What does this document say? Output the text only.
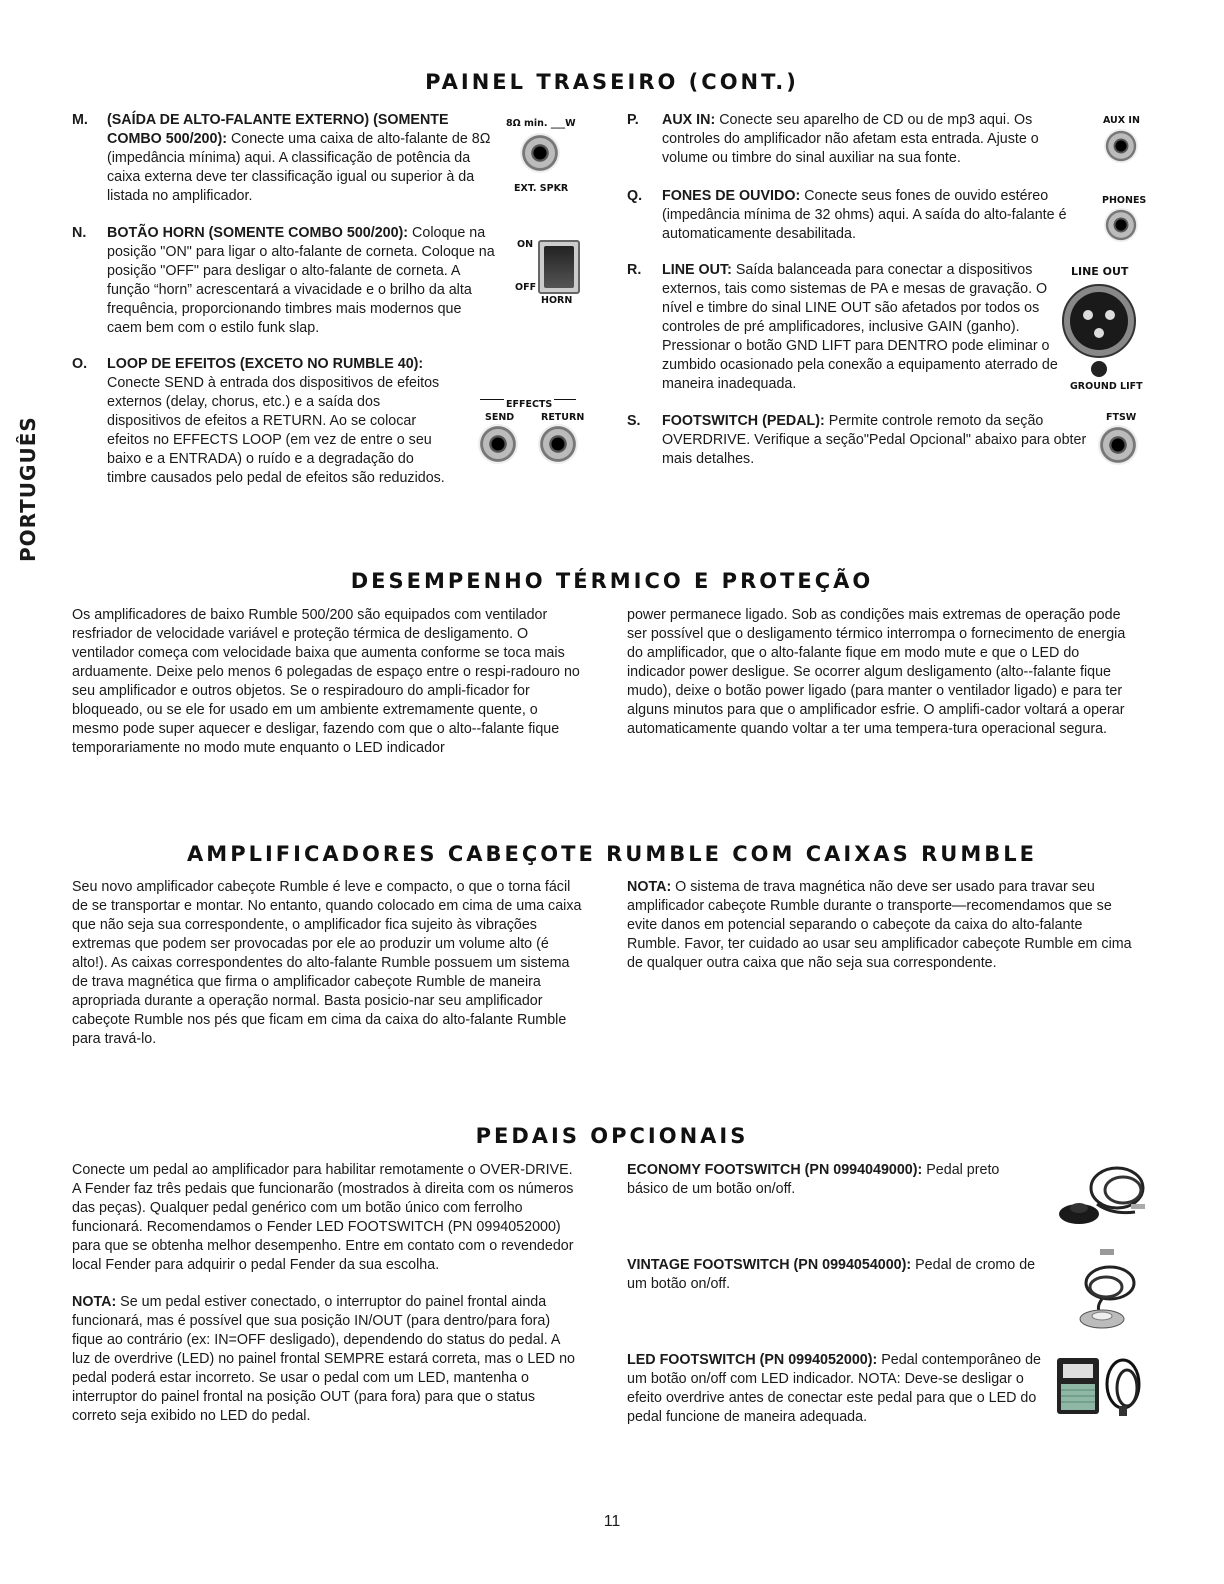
PORTUGUÊS
PAINEL TRASEIRO (CONT.)
M. (SAÍDA DE ALTO-FALANTE EXTERNO) (SOMENTE COMBO 500/200): Conecte uma caixa de alto-falante de 8Ω (impedância mínima) aqui. A classificação de potência da caixa externa deve ter classificação igual ou superior à da listada no amplificador.
8Ω min. ___W
EXT. SPKR
N. BOTÃO HORN (SOMENTE COMBO 500/200): Coloque na posição "ON" para ligar o alto-falante de corneta. Coloque na posição "OFF" para desligar o alto-falante de corneta. A função “horn” acrescentará a vivacidade e o brilho da alta frequência, proporcionando timbres mais modernos que caem bem com o estilo funk slap.
ON
OFF
HORN
O. LOOP DE EFEITOS (EXCETO NO RUMBLE 40): Conecte SEND à entrada dos dispositivos de efeitos externos (delay, chorus, etc.) e a saída dos dispositivos de efeitos a RETURN. Ao se colocar efeitos no EFFECTS LOOP (em vez de entre o seu baixo e a ENTRADA) o ruído e a degradação do timbre causados pelo pedal de efeitos são reduzidos.
EFFECTS
SEND	RETURN
P. AUX IN: Conecte seu aparelho de CD ou de mp3 aqui. Os controles do amplificador não afetam esta entrada. Ajuste o volume ou timbre do sinal auxiliar na sua fonte.
AUX IN
Q. FONES DE OUVIDO: Conecte seus fones de ouvido estéreo (impedância mínima de 32 ohms) aqui. A saída do alto-falante é automaticamente desabilitada.
PHONES
R. LINE OUT: Saída balanceada para conectar a dispositivos externos, tais como sistemas de PA e mesas de gravação. O nível e timbre do sinal LINE OUT são afetados por todos os controles de pré amplificadores, inclusive GAIN (ganho). Pressionar o botão GND LIFT para DENTRO pode eliminar o zumbido ocasionado pela conexão a equipamento aterrado de maneira inadequada.
LINE OUT
GROUND LIFT
S. FOOTSWITCH (PEDAL): Permite controle remoto da seção OVERDRIVE. Verifique a seção"Pedal Opcional" abaixo para obter mais detalhes.
FTSW
DESEMPENHO TÉRMICO E PROTEÇÃO
Os amplificadores de baixo Rumble 500/200 são equipados com ventilador resfriador de velocidade variável e proteção térmica de desligamento. O ventilador começa com velocidade baixa que aumenta conforme se toca mais arduamente. Deixe pelo menos 6 polegadas de espaço entre o respi-radouro no seu amplificador e outros objetos. Se o respiradouro do ampli-ficador for bloqueado, ou se ele for usado em um ambiente extremamente quente, o mesmo pode super aquecer e desligar, fazendo com que o alto--falante fique temporariamente no modo mute enquanto o LED indicador
power permanece ligado. Sob as condições mais extremas de operação pode ser possível que o desligamento térmico interrompa o fornecimento de energia do amplificador, que o alto-falante fique em modo mute e que o LED do indicador power desligue. Se ocorrer algum desligamento (alto--falante fique mudo), deixe o botão power ligado (para manter o ventilador ligado) e para ter alguns minutos para que o amplificador esfrie. O amplifi-cador voltará a operar automaticamente quando voltar a ter uma tempera-tura operacional segura.
AMPLIFICADORES CABEÇOTE RUMBLE COM CAIXAS RUMBLE
Seu novo amplificador cabeçote Rumble é leve e compacto, o que o torna fácil de se transportar e montar. No entanto, quando colocado em cima de uma caixa que não seja sua correspondente, o amplificador fica sujeito às vibrações extremas que podem ser provocadas por ele ao produzir um volume alto (é alto!). As caixas correspondentes do alto-falante Rumble possuem um sistema de trava magnética que firma o amplificador cabeçote Rumble de maneira apropriada durante a operação normal. Basta posicio-nar seu amplificador cabeçote Rumble nos pés que ficam em cima da caixa do alto-falante Rumble para travá-lo.
NOTA: O sistema de trava magnética não deve ser usado para travar seu amplificador cabeçote Rumble durante o transporte—recomendamos que se evite danos em potencial separando o cabeçote da caixa do alto-falante Rumble. Favor, ter cuidado ao usar seu amplificador cabeçote Rumble em cima de qualquer outra caixa que não seja sua correspondente.
PEDAIS OPCIONAIS
Conecte um pedal ao amplificador para habilitar remotamente o OVER-DRIVE. A Fender faz três pedais que funcionarão (mostrados à direita com os números das peças). Qualquer pedal genérico com um botão único com ferrolho funcionará. Recomendamos o Fender LED FOOTSWITCH (PN 0994052000) para que se obtenha melhor desempenho. Entre em contato com o revendedor local Fender para adquirir o pedal Fender da sua escolha.
NOTA: Se um pedal estiver conectado, o interruptor do painel frontal ainda funcionará, mas é possível que sua posição IN/OUT (para dentro/para fora) fique ao contrário (ex: IN=OFF desligado), dependendo do status do pedal. A luz de overdrive (LED) no painel frontal SEMPRE estará correta, mas o LED no pedal poderá estar incorreto. Se usar o pedal com um LED, mantenha o interruptor do painel frontal na posição OUT (para fora) para que o status correto seja exibido no LED do pedal.
ECONOMY FOOTSWITCH (PN 0994049000): Pedal preto básico de um botão on/off.
VINTAGE FOOTSWITCH (PN 0994054000): Pedal de cromo de um botão on/off.
LED FOOTSWITCH (PN 0994052000): Pedal contemporâneo de um botão on/off com LED indicador. NOTA: Deve-se desligar o efeito overdrive antes de conectar este pedal para que o LED do pedal funcione de maneira adequada.
11
